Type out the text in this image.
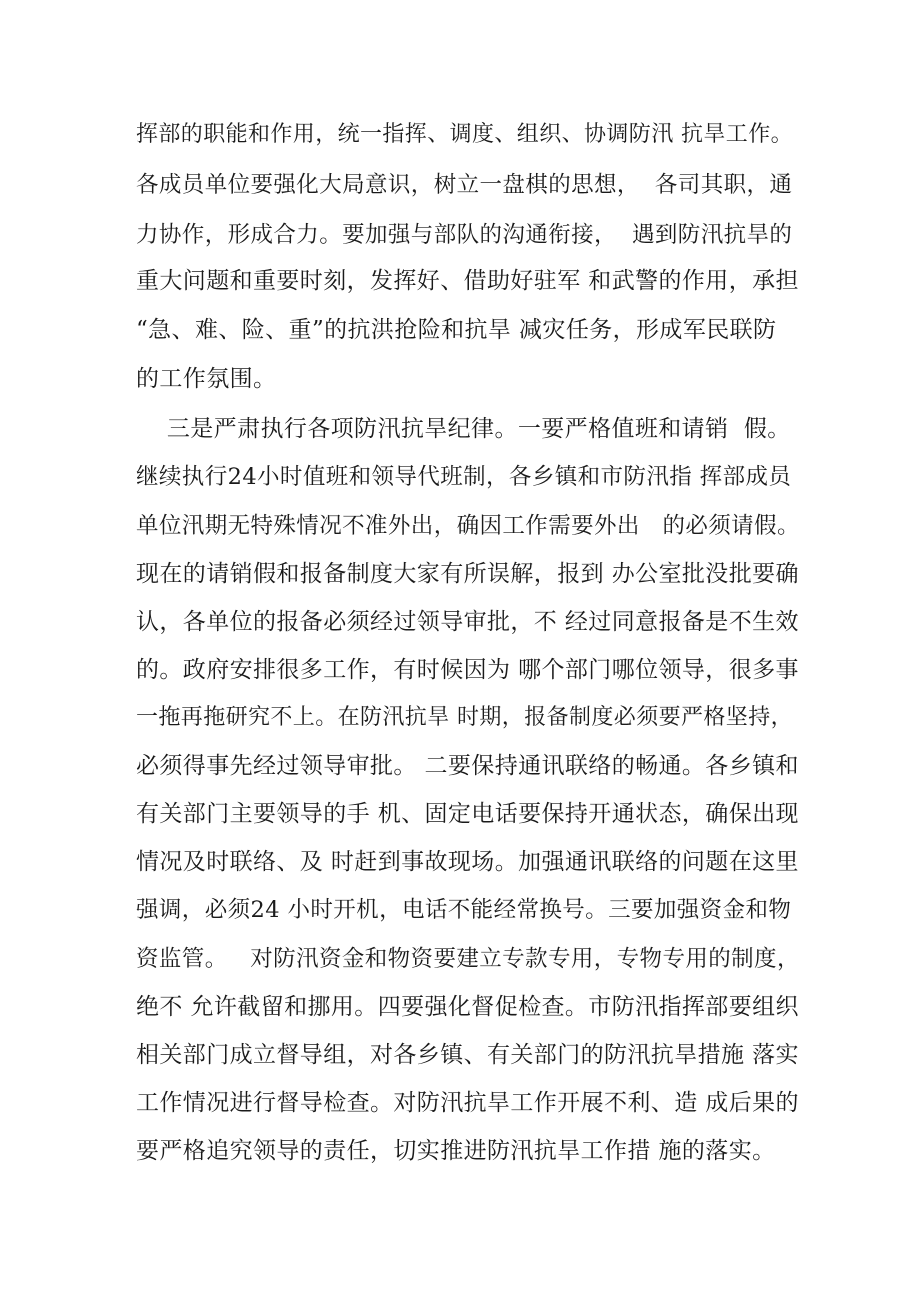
挥部的职能和作用，统一指挥、调度、组织、协调防汛 抗旱工作。
各成员单位要强化大局意识，树立一盘棋的思想，  各司其职，通
力协作，形成合力。要加强与部队的沟通衔接，  遇到防汛抗旱的
重大问题和重要时刻，发挥好、借助好驻军 和武警的作用，承担
“急、难、险、重”的抗洪抢险和抗旱 减灾任务，形成军民联防
的工作氛围。
三是严肃执行各项防汛抗旱纪律。一要严格值班和请销  假。
继续执行24小时值班和领导代班制，各乡镇和市防汛指 挥部成员
单位汛期无特殊情况不准外出，确因工作需要外出   的必须请假。
现在的请销假和报备制度大家有所误解，报到 办公室批没批要确
认，各单位的报备必须经过领导审批，不 经过同意报备是不生效
的。政府安排很多工作，有时候因为 哪个部门哪位领导，很多事
一拖再拖研究不上。在防汛抗旱 时期，报备制度必须要严格坚持，
必须得事先经过领导审批。 二要保持通讯联络的畅通。各乡镇和
有关部门主要领导的手 机、固定电话要保持开通状态，确保出现
情况及时联络、及 时赶到事故现场。加强通讯联络的问题在这里
强调，必须24 小时开机，电话不能经常换号。三要加强资金和物
资监管。   对防汛资金和物资要建立专款专用，专物专用的制度，
绝不 允许截留和挪用。四要强化督促检查。市防汛指挥部要组织
相关部门成立督导组，对各乡镇、有关部门的防汛抗旱措施 落实
工作情况进行督导检查。对防汛抗旱工作开展不利、造 成后果的
要严格追究领导的责任，切实推进防汛抗旱工作措 施的落实。
